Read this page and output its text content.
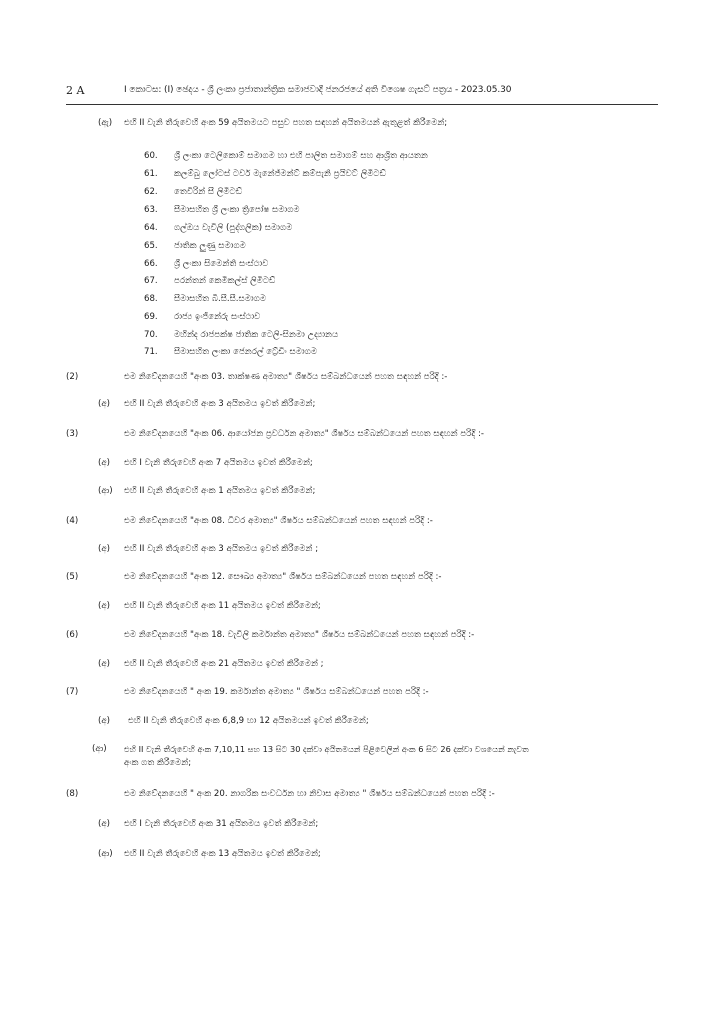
2 A	I කොටස: (I) ඡෙදය - ශ්‍රී ලංකා ප්‍රජාතාන්ත්‍රික සමාජවාදී ජනරජයේ අති විශෙෂ ගැසට් පත්‍රය - 2023.05.30
(ඇ) එහි II වැනි තීරුවෙහි අංක 59 අයිතමයට පසුව පහත සඳහන් අයිතමයන් ඇතුළත් කිරීමෙන්;
60.	ශ්‍රී ලංකා ටෙලිකොම් සමාගම හා එහි පාලිත සමාගම් සහ ආශ්‍රිත ආයතන
61.	කලම්බු ලෝටස් ටවර් මැනේජ්මන්ට් කම්පැනි ප්‍රයිවට් ලිමිටඩ්
62.	තෙවිරින් සී ලිමිටඩ්
63.	සීමාසහිත ශ්‍රී ලංකා ත්‍රිපෝෂ සමාගම
64.	ගල්ඔය වැවිලි (පුද්ගලික) සමාගම
65.	ජාතික ලුණු සමාගම
66.	ශ්‍රී ලංකා සිමෙන්ති සංස්ථාව
67.	පරන්තන් කෙමිකල්ස් ලිමිටඩ්
68.	සීමාසහිත බී.සී.සී.සමාගම
69.	රාජ්‍ය ඉංජිනේරු සංස්ථාව
70.	මහින්ද රාජපක්ෂ ජාතික ටෙලි-සිනමා උද්‍යානය
71.	සීමාසහිත ලංකා ජෙනරල් ට්‍රේඩිං සමාගම
(2)	එම නිවේදනයෙහි "අංක 03. තාක්ෂණ අමාත්‍ය" ශීර්ෂය සම්බන්ධයෙන් පහත සඳහන් පරිදි :-
(අ) එහි II වැනි තීරුවෙහි අංක 3 අයිතමය ඉවත් කිරීමෙන්;
(3)	එම නිවේදනයෙහි "අංක 06. ආයෝජන ප්‍රවර්ධන අමාත්‍ය" ශීර්ෂය සම්බන්ධයෙන් පහත සඳහන් පරිදි :-
(අ) එහි I වැනි තීරුවෙහි අංක 7 අයිතමය ඉවත් කිරීමෙන්;
(ආ) එහි II වැනි තීරුවෙහි අංක 1 අයිතමය ඉවත් කිරීමෙන්;
(4)	එම නිවේදනයෙහි "අංක 08. ධීවර අමාත්‍ය" ශීර්ෂය සම්බන්ධයෙන් පහත සඳහන් පරිදි :-
(අ) එහි II වැනි තීරුවෙහි අංක 3 අයිතමය ඉවත් කිරීමෙන් ;
(5)	එම නිවේදනයෙහි "අංක 12. සෞඛ්‍ය අමාත්‍ය" ශීර්ෂය සම්බන්ධයෙන් පහත සඳහන් පරිදි :-
(අ) එහි II වැනි තීරුවෙහි අංක 11 අයිතමය ඉවත් කිරීමෙන්;
(6)	එම නිවේදනයෙහි "අංක 18. වැවිලි කර්මාන්ත අමාත්‍ය" ශීර්ෂය සම්බන්ධයෙන් පහත සඳහන් පරිදි :-
(අ) එහි II වැනි තීරුවෙහි අංක 21 අයිතමය ඉවත් කිරීමෙන් ;
(7)	එම නිවේදනයෙහි " අංක 19. කර්මාන්ත අමාත්‍ය " ශීර්ෂය සම්බන්ධයෙන් පහත පරිදි :-
(අ) එහි II වැනි තීරුවෙහි අංක 6,8,9 හා 12 අයිතමයන් ඉවත් කිරීමෙන්;
(ආ) එහි II වැනි තීරුවෙහි අංක 7,10,11 සහ 13 සිට 30 දක්වා අයිතමයන් පිළිවෙලින් අංක 6 සිට 26 දක්වා වශයෙන් නැවත
අංක ගත කිරීමෙන්;
(8)	එම නිවේදනයෙහි " අංක 20. නාගරික සංවර්ධන හා නිවාස අමාත්‍ය " ශීර්ෂය සම්බන්ධයෙන් පහත පරිදි :-
(අ) එහි I වැනි තීරුවෙහි අංක 31 අයිතමය ඉවත් කිරීමෙන්;
(ආ) එහි II වැනි තීරුවෙහි අංක 13 අයිතමය ඉවත් කිරීමෙන්;
